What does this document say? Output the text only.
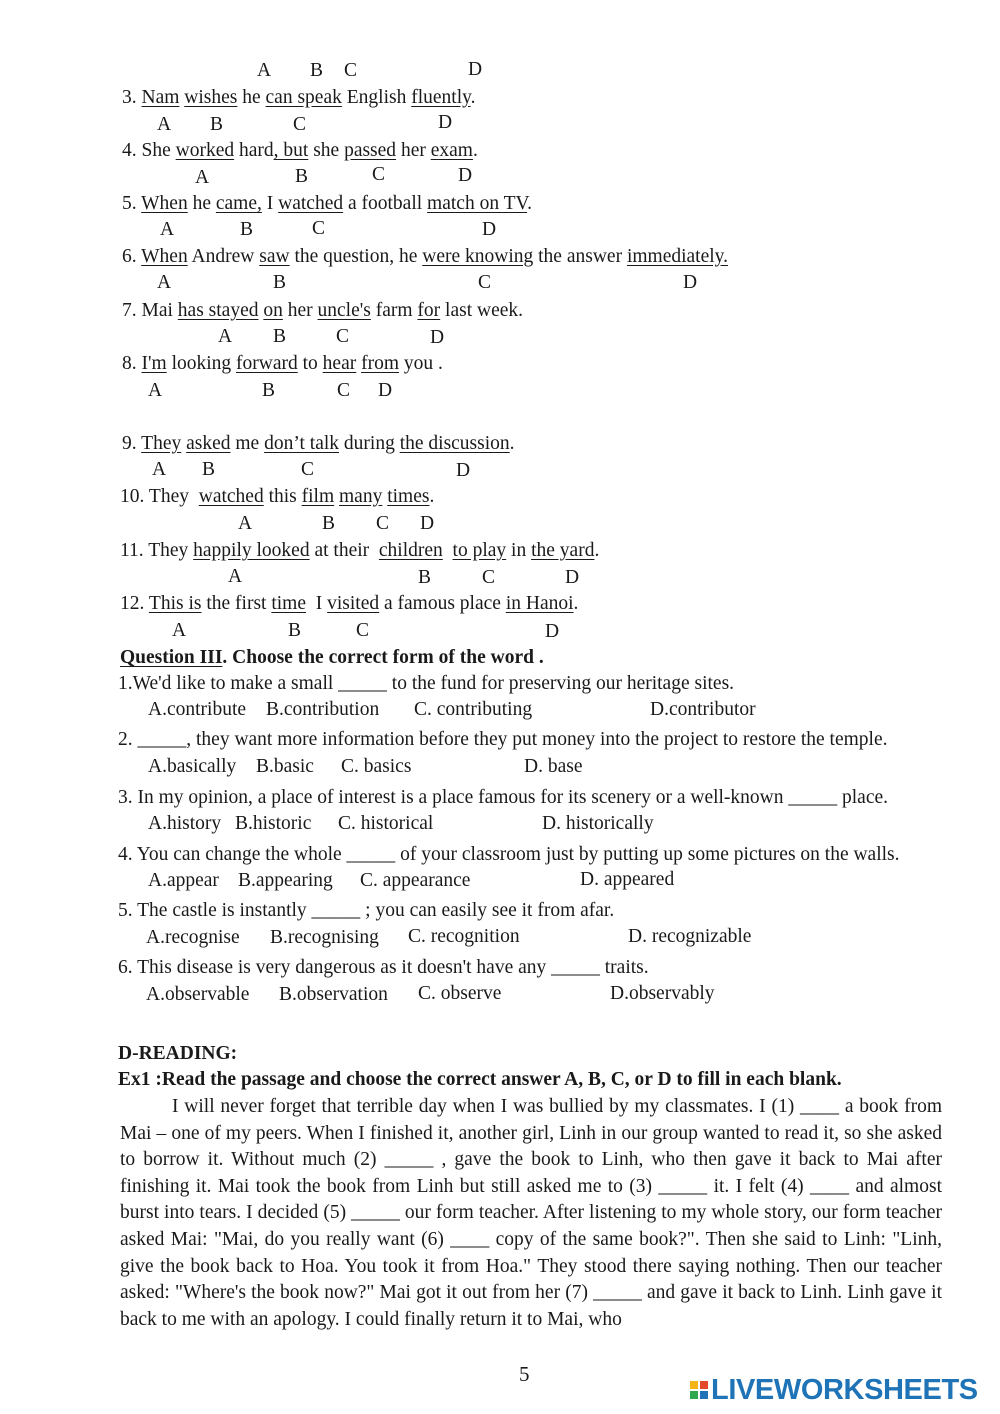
A B C	D
3. Nam wishes he can speak English fluently.
A B	C	D
4. She worked hard, but she passed her exam.
A	B	C	D
5. When he came, I watched a football match on TV.
A	B	C	D
6. When Andrew saw the question, he were knowing the answer immediately.
A	B	C	D
7. Mai has stayed on her uncle's farm for last week.
A B	C	D
8. I'm looking forward to hear from you .
A	B	C D
9. They asked me don’t talk during the discussion.
A B	C	D
10. They watched this film many times.
A	B C D
11. They happily looked at their children to play in the yard.
A	B	C	D
12. This is the first time I visited a famous place in Hanoi.
A	B	C	D
Question III. Choose the correct form of the word .
1.We'd like to make a small _____ to the fund for preserving our heritage sites.
A.contribute B.contribution C. contributing	D.contributor
2. _____, they want more information before they put money into the project to restore the temple.
A.basically B.basic C. basics	D. base
3. In my opinion, a place of interest is a place famous for its scenery or a well-known _____ place.
A.history B.historic C. historical	D. historically
4. You can change the whole _____ of your classroom just by putting up some pictures on the walls.
A.appear B.appearing C. appearance	D. appeared
5. The castle is instantly _____ ; you can easily see it from afar.
A.recognise B.recognising C. recognition	D. recognizable
6. This disease is very dangerous as it doesn't have any _____ traits.
A.observable B.observation C. observe	D.observably
D-READING:
Ex1 :Read the passage and choose the correct answer A, B, C, or D to fill in each blank.
I will never forget that terrible day when I was bullied by my classmates. I (1) ____ a book from Mai – one of my peers. When I finished it, another girl, Linh in our group wanted to read it, so she asked to borrow it. Without much (2) _____ , gave the book to Linh, who then gave it back to Mai after finishing it. Mai took the book from Linh but still asked me to (3) _____ it. I felt (4) ____ and almost burst into tears. I decided (5) _____ our form teacher. After listening to my whole story, our form teacher asked Mai: "Mai, do you really want (6) ____ copy of the same book?". Then she said to Linh: "Linh, give the book back to Hoa. You took it from Hoa." They stood there saying nothing. Then our teacher asked: "Where's the book now?" Mai got it out from her (7) _____ and gave it back to Linh. Linh gave it back to me with an apology. I could finally return it to Mai, who
5	LIVEWORKSHEETS
